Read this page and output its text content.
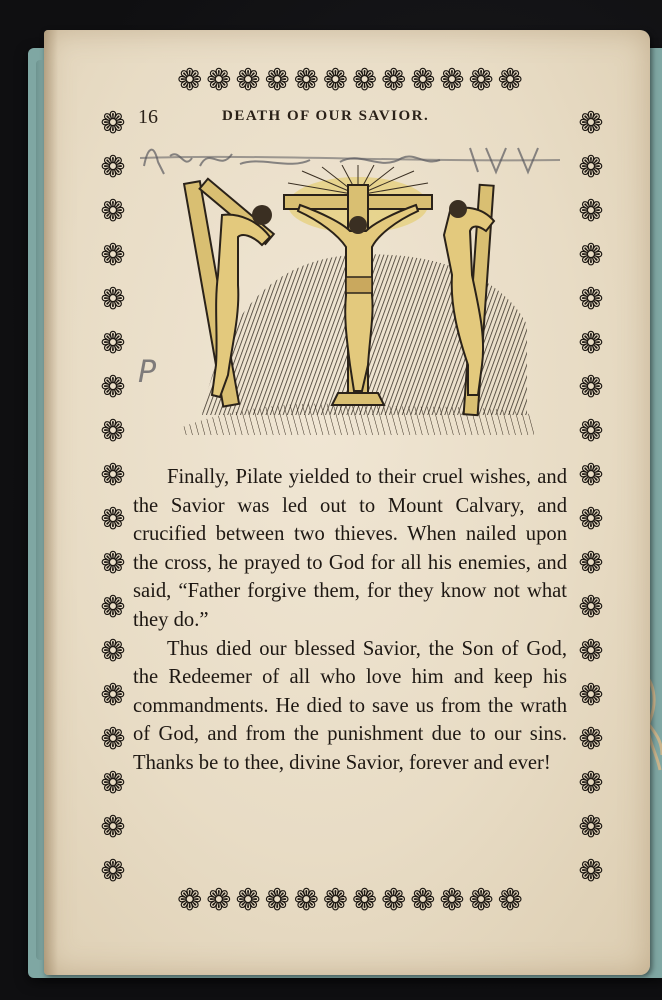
❁❁❁❁❁❁❁❁❁❁❁❁
❁❁❁❁❁❁❁❁❁❁❁❁
❁❁❁❁❁❁❁❁❁❁❁❁❁❁❁❁❁❁
❁❁❁❁❁❁❁❁❁❁❁❁❁❁❁❁❁❁
16	DEATH OF OUR SAVIOR.
P

Finally, Pilate yielded to their cruel wishes, and the Savior was led out to Mount Calvary, and crucified between two thieves. When nailed upon the cross, he prayed to God for all his enemies, and said, “Father forgive them, for they know not what they do.”

Thus died our blessed Savior, the Son of God, the Redeemer of all who love him and keep his commandments. He died to save us from the wrath of God, and from the punishment due to our sins. Thanks be to thee, divine Savior, forever and ever!
